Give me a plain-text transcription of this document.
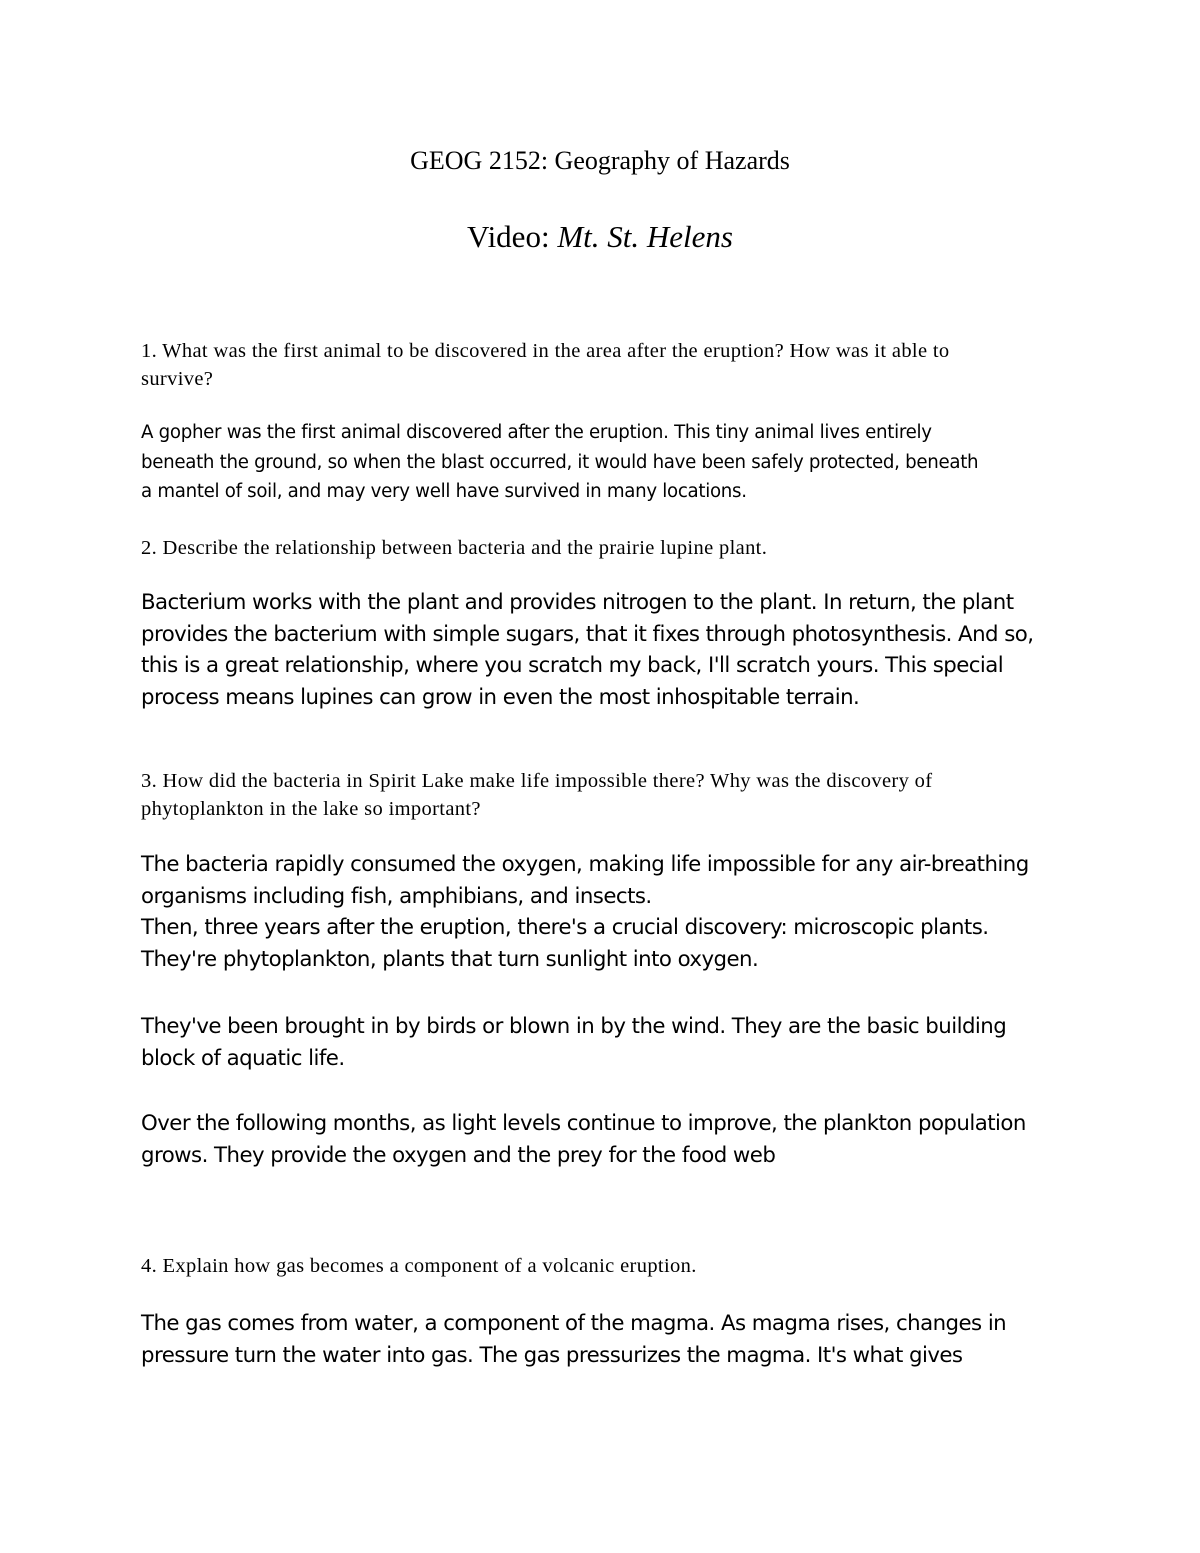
GEOG 2152: Geography of Hazards
Video: Mt. St. Helens

1. What was the first animal to be discovered in the area after the eruption? How was it able to
survive?

A gopher was the first animal discovered after the eruption. This tiny animal lives entirely
beneath the ground, so when the blast occurred, it would have been safely protected, beneath
a mantel of soil, and may very well have survived in many locations.

2. Describe the relationship between bacteria and the prairie lupine plant.

Bacterium works with the plant and provides nitrogen to the plant. In return, the plant
provides the bacterium with simple sugars, that it fixes through photosynthesis. And so,
this is a great relationship, where you scratch my back, I'll scratch yours. This special
process means lupines can grow in even the most inhospitable terrain.

3. How did the bacteria in Spirit Lake make life impossible there? Why was the discovery of
phytoplankton in the lake so important?

The bacteria rapidly consumed the oxygen, making life impossible for any air-breathing
organisms including fish, amphibians, and insects.
Then, three years after the eruption, there's a crucial discovery: microscopic plants.
They're phytoplankton, plants that turn sunlight into oxygen.

They've been brought in by birds or blown in by the wind. They are the basic building
block of aquatic life.

Over the following months, as light levels continue to improve, the plankton population
grows. They provide the oxygen and the prey for the food web

4. Explain how gas becomes a component of a volcanic eruption.

The gas comes from water, a component of the magma. As magma rises, changes in
pressure turn the water into gas. The gas pressurizes the magma. It's what gives
